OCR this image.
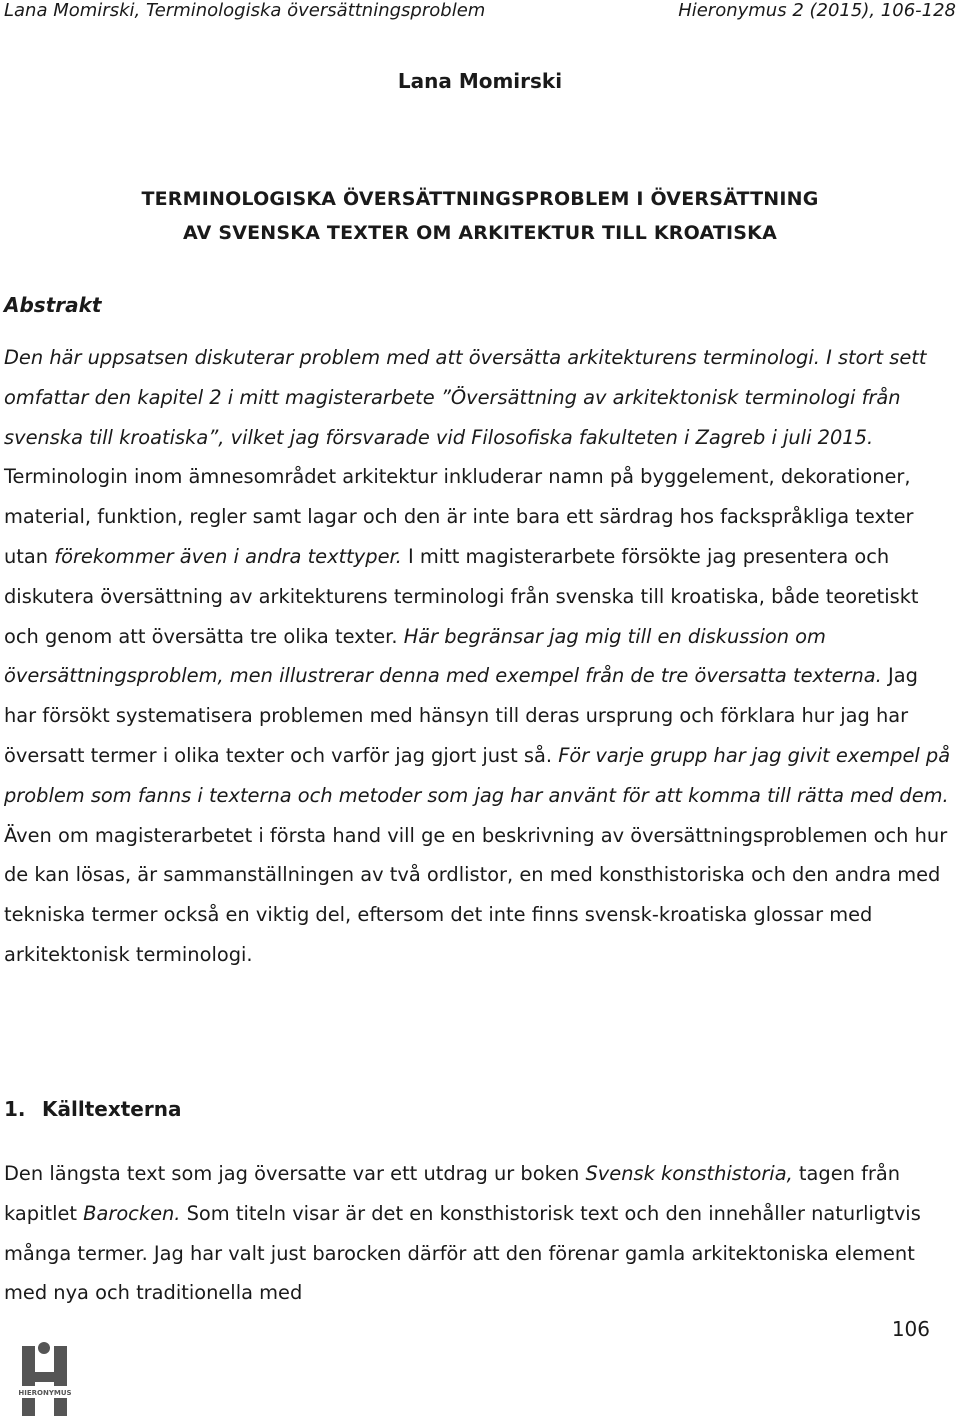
Lana Momirski, Terminologiska översättningsproblem	Hieronymus 2 (2015), 106-128
Lana Momirski
TERMINOLOGISKA ÖVERSÄTTNINGSPROBLEM I ÖVERSÄTTNING
AV SVENSKA TEXTER OM ARKITEKTUR TILL KROATISKA
Abstrakt

Den här uppsatsen diskuterar problem med att översätta arkitekturens terminologi. I stort sett omfattar den kapitel 2 i mitt magisterarbete ”Översättning av arkitektonisk terminologi från svenska till kroatiska”, vilket jag försvarade vid Filosofiska fakulteten i Zagreb i juli 2015. Terminologin inom ämnesområdet arkitektur inkluderar namn på byggelement, dekorationer, material, funktion, regler samt lagar och den är inte bara ett särdrag hos fackspråkliga texter utan förekommer även i andra texttyper. I mitt magisterarbete försökte jag presentera och diskutera översättning av arkitekturens terminologi från svenska till kroatiska, både teoretiskt och genom att översätta tre olika texter. Här begränsar jag mig till en diskussion om översättningsproblem, men illustrerar denna med exempel från de tre översatta texterna. Jag har försökt systematisera problemen med hänsyn till deras ursprung och förklara hur jag har översatt termer i olika texter och varför jag gjort just så. För varje grupp har jag givit exempel på problem som fanns i texterna och metoder som jag har använt för att komma till rätta med dem. Även om magisterarbetet i första hand vill ge en beskrivning av översättningsproblemen och hur de kan lösas, är sammanställningen av två ordlistor, en med konsthistoriska och den andra med tekniska termer också en viktig del, eftersom det inte finns svensk-kroatiska glossar med arkitektonisk terminologi.

1. Källtexterna

Den längsta text som jag översatte var ett utdrag ur boken Svensk konsthistoria, tagen från kapitlet Barocken. Som titeln visar är det en konsthistorisk text och den innehåller naturligtvis många termer. Jag har valt just barocken därför att den förenar gamla arkitektoniska element med nya och traditionella med

106
HIERONYMUS
